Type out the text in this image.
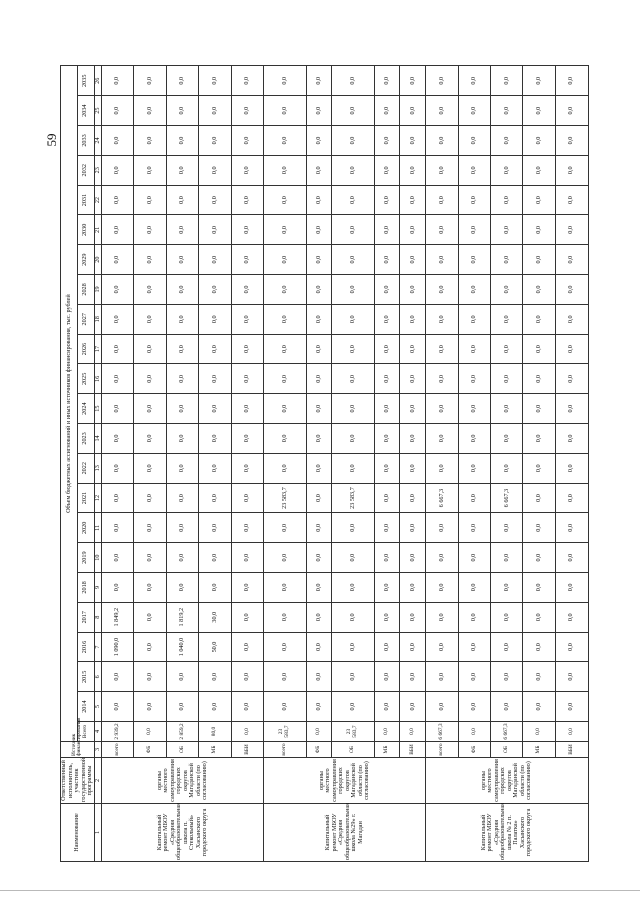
59
Наименование	Ответственный исполнитель, участник государственной программы	Источник финансирования	Объем бюджетных ассигнований и иных источников финансирования, тыс. рублей																						
			Всего	2014	2015	2016	2017	2018	2019	2020	2021	2022	2023	2024	2025	2026	2027	2028	2029	2030	2031	2032	2033	2034	2035
1	2	3	4	5	6	7	8	9	10	11	12	13	14	15	16	17	18	19	20	21	22	23	24	25	26
Капитальный ремонт МБОУ «Средняя общеобразовательная школа п. Стекольный» Хасынского городского округа	органы местного самоуправления городских округов Магаданской области (по согласованию)	всего	2 939,2	0,0	0,0	1 090,0	1 849,2	0,0	0,0	0,0	0,0	0,0	0,0	0,0	0,0	0,0	0,0	0,0	0,0	0,0	0,0	0,0	0,0	0,0	0,0
		ФБ	0,0	0,0	0,0	0,0	0,0	0,0	0,0	0,0	0,0	0,0	0,0	0,0	0,0	0,0	0,0	0,0	0,0	0,0	0,0	0,0	0,0	0,0	0,0
		ОБ	2 859,2	0,0	0,0	1 040,0	1 819,2	0,0	0,0	0,0	0,0	0,0	0,0	0,0	0,0	0,0	0,0	0,0	0,0	0,0	0,0	0,0	0,0	0,0	0,0
		МБ	80,0	0,0	0,0	50,0	30,0	0,0	0,0	0,0	0,0	0,0	0,0	0,0	0,0	0,0	0,0	0,0	0,0	0,0	0,0	0,0	0,0	0,0	0,0
		ВБИ	0,0	0,0	0,0	0,0	0,0	0,0	0,0	0,0	0,0	0,0	0,0	0,0	0,0	0,0	0,0	0,0	0,0	0,0	0,0	0,0	0,0	0,0	0,0
Капитальный ремонт МБОУ «Средняя общеобразовательная школа №29» г. Магадан	органы местного самоуправления городских округов Магаданской области (по согласованию)	всего	23 583,7	0,0	0,0	0,0	0,0	0,0	0,0	0,0	23 583,7	0,0	0,0	0,0	0,0	0,0	0,0	0,0	0,0	0,0	0,0	0,0	0,0	0,0	0,0
		ФБ	0,0	0,0	0,0	0,0	0,0	0,0	0,0	0,0	0,0	0,0	0,0	0,0	0,0	0,0	0,0	0,0	0,0	0,0	0,0	0,0	0,0	0,0	0,0
		ОБ	23 583,7	0,0	0,0	0,0	0,0	0,0	0,0	0,0	23 583,7	0,0	0,0	0,0	0,0	0,0	0,0	0,0	0,0	0,0	0,0	0,0	0,0	0,0	0,0
		МБ	0,0	0,0	0,0	0,0	0,0	0,0	0,0	0,0	0,0	0,0	0,0	0,0	0,0	0,0	0,0	0,0	0,0	0,0	0,0	0,0	0,0	0,0	0,0
		ВБИ	0,0	0,0	0,0	0,0	0,0	0,0	0,0	0,0	0,0	0,0	0,0	0,0	0,0	0,0	0,0	0,0	0,0	0,0	0,0	0,0	0,0	0,0	0,0
Капитальный ремонт МБОУ «Средняя общеобразовательная школа № 2 п. Палатка» Хасынского городского округа	органы местного самоуправления городских округов Магаданской области (по согласованию)	всего	6 667,3	0,0	0,0	0,0	0,0	0,0	0,0	0,0	6 667,3	0,0	0,0	0,0	0,0	0,0	0,0	0,0	0,0	0,0	0,0	0,0	0,0	0,0	0,0
		ФБ	0,0	0,0	0,0	0,0	0,0	0,0	0,0	0,0	0,0	0,0	0,0	0,0	0,0	0,0	0,0	0,0	0,0	0,0	0,0	0,0	0,0	0,0	0,0
		ОБ	6 667,3	0,0	0,0	0,0	0,0	0,0	0,0	0,0	6 667,3	0,0	0,0	0,0	0,0	0,0	0,0	0,0	0,0	0,0	0,0	0,0	0,0	0,0	0,0
		МБ	0,0	0,0	0,0	0,0	0,0	0,0	0,0	0,0	0,0	0,0	0,0	0,0	0,0	0,0	0,0	0,0	0,0	0,0	0,0	0,0	0,0	0,0	0,0
		ВБИ	0,0	0,0	0,0	0,0	0,0	0,0	0,0	0,0	0,0	0,0	0,0	0,0	0,0	0,0	0,0	0,0	0,0	0,0	0,0	0,0	0,0	0,0	0,0
